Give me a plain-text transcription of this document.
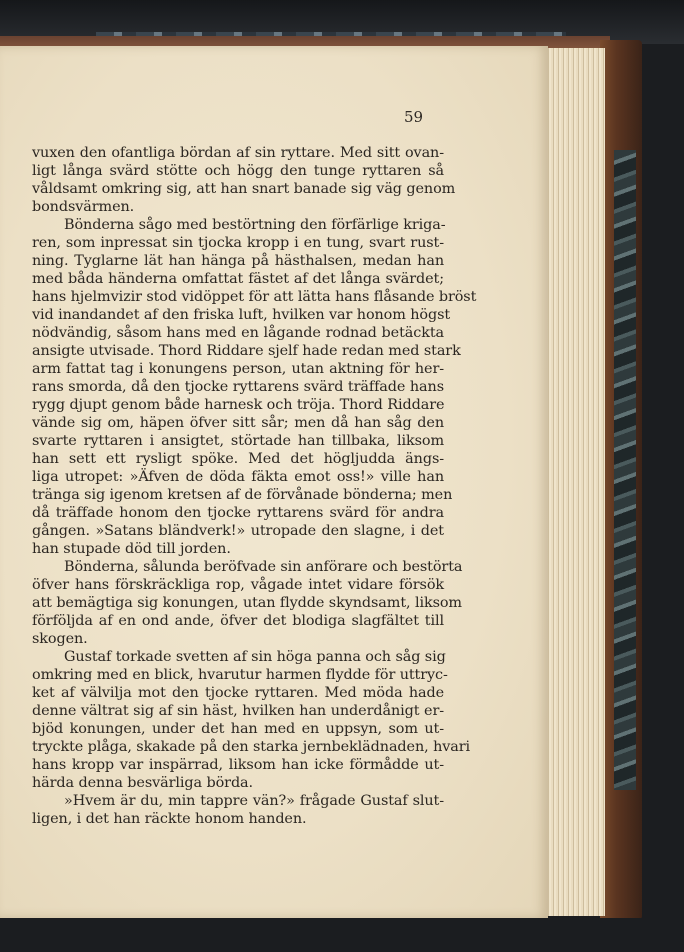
59
vuxen den ofantliga bördan af sin ryttare. Med sitt ovan-
ligt långa svärd stötte och högg den tunge ryttaren så
våldsamt omkring sig, att han snart banade sig väg genom
bondsvärmen.
Bönderna sågo med bestörtning den förfärlige kriga-
ren, som inpressat sin tjocka kropp i en tung, svart rust-
ning. Tyglarne lät han hänga på hästhalsen, medan han
med båda händerna omfattat fästet af det långa svärdet;
hans hjelmvizir stod vidöppet för att lätta hans flåsande bröst
vid inandandet af den friska luft, hvilken var honom högst
nödvändig, såsom hans med en lågande rodnad betäckta
ansigte utvisade. Thord Riddare sjelf hade redan med stark
arm fattat tag i konungens person, utan aktning för her-
rans smorda, då den tjocke ryttarens svärd träffade hans
rygg djupt genom både harnesk och tröja. Thord Riddare
vände sig om, häpen öfver sitt sår; men då han såg den
svarte ryttaren i ansigtet, störtade han tillbaka, liksom
han sett ett rysligt spöke. Med det högljudda ängs-
liga utropet: »Äfven de döda fäkta emot oss!» ville han
tränga sig igenom kretsen af de förvånade bönderna; men
då träffade honom den tjocke ryttarens svärd för andra
gången. »Satans bländverk!» utropade den slagne, i det
han stupade död till jorden.
Bönderna, sålunda beröfvade sin anförare och bestörta
öfver hans förskräckliga rop, vågade intet vidare försök
att bemägtiga sig konungen, utan flydde skyndsamt, liksom
förföljda af en ond ande, öfver det blodiga slagfältet till
skogen.
Gustaf torkade svetten af sin höga panna och såg sig
omkring med en blick, hvarutur harmen flydde för uttryc-
ket af välvilja mot den tjocke ryttaren. Med möda hade
denne vältrat sig af sin häst, hvilken han underdånigt er-
bjöd konungen, under det han med en uppsyn, som ut-
tryckte plåga, skakade på den starka jernbeklädnaden, hvari
hans kropp var inspärrad, liksom han icke förmådde ut-
härda denna besvärliga börda.
»Hvem är du, min tappre vän?» frågade Gustaf slut-
ligen, i det han räckte honom handen.
